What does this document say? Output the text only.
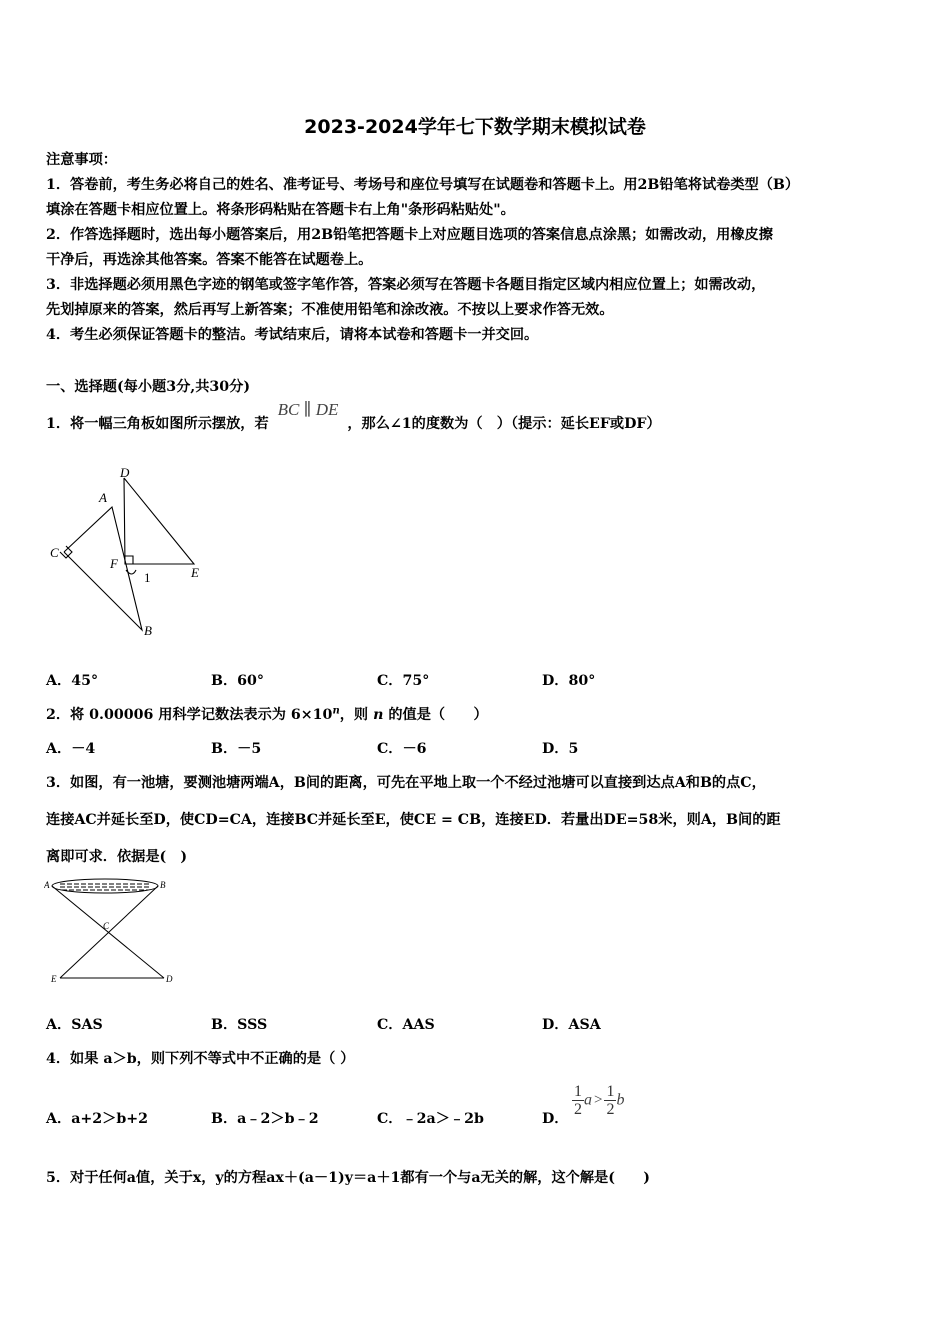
2023-2024学年七下数学期末模拟试卷
注意事项：
1．答卷前，考生务必将自己的姓名、准考证号、考场号和座位号填写在试题卷和答题卡上。用2B铅笔将试卷类型（B）
填涂在答题卡相应位置上。将条形码粘贴在答题卡右上角"条形码粘贴处"。
2．作答选择题时，选出每小题答案后，用2B铅笔把答题卡上对应题目选项的答案信息点涂黑；如需改动，用橡皮擦
干净后，再选涂其他答案。答案不能答在试题卷上。
3．非选择题必须用黑色字迹的钢笔或签字笔作答，答案必须写在答题卡各题目指定区域内相应位置上；如需改动，
先划掉原来的答案，然后再写上新答案；不准使用铅笔和涂改液。不按以上要求作答无效。
4．考生必须保证答题卡的整洁。考试结束后，请将本试卷和答题卡一并交回。
一、选择题(每小题3分,共30分)
1．将一幅三角板如图所示摆放，若 BC ∥ DE ，那么∠1的度数为（　）（提示：延长EF或DF）
D
A
C
F
1	E
B
A．45°	B．60°	C．75°	D．80°
2．将 0.00006 用科学记数法表示为 $6\times 10^n$，则 n 的值是（　　）
A．－4	B．－5	C．－6	D．5
3．如图，有一池塘，要测池塘两端A，B间的距离，可先在平地上取一个不经过池塘可以直接到达点A和B的点C，
连接AC并延长至D，使CD=CA，连接BC并延长至E，使CE = CB，连接ED．若量出DE=58米，则A，B间的距
离即可求．依据是(　)
A	B
C
E	D
A．SAS	B．SSS	C．AAS	D．ASA
4．如果 a＞b，则下列不等式中不正确的是（ ）
A．a+2＞b+2	B．a﹣2＞b﹣2	C．﹣2a＞﹣2b	D．
$\frac{1}{2}$ $a > \frac{1}{2}$ b
5．对于任何a值，关于x，y的方程ax＋(a－1)y＝a＋1都有一个与a无关的解，这个解是(　　)
